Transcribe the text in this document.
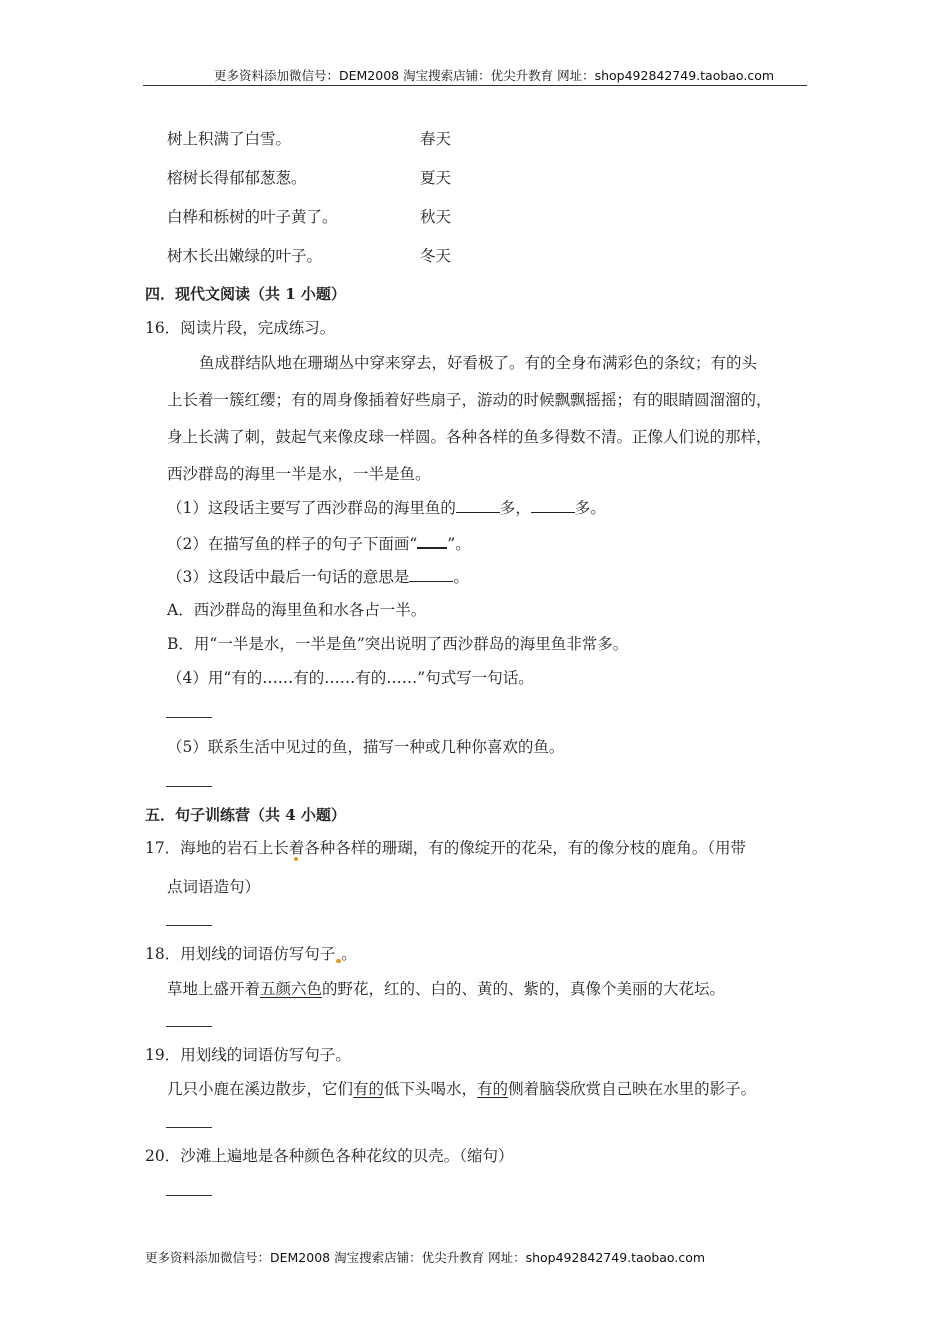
更多资料添加微信号：DEM2008 淘宝搜索店铺：优尖升教育 网址：shop492842749.taobao.com
树上积满了白雪。	春天
榕树长得郁郁葱葱。	夏天
白桦和栎树的叶子黄了。	秋天
树木长出嫩绿的叶子。	冬天
四．现代文阅读（共 1 小题）
16．阅读片段，完成练习。
鱼成群结队地在珊瑚丛中穿来穿去，好看极了。有的全身布满彩色的条纹；有的头
上长着一簇红缨；有的周身像插着好些扇子，游动的时候飘飘摇摇；有的眼睛圆溜溜的，
身上长满了刺，鼓起气来像皮球一样圆。各种各样的鱼多得数不清。正像人们说的那样，
西沙群岛的海里一半是水，一半是鱼。
（1）这段话主要写了西沙群岛的海里鱼的	多，	多。
（2）在描写鱼的样子的句子下面画“ ”。
（3）这段话中最后一句话的意思是	。
A．西沙群岛的海里鱼和水各占一半。
B．用“一半是水，一半是鱼”突出说明了西沙群岛的海里鱼非常多。
（4）用“有的……有的……有的……”句式写一句话。
（5）联系生活中见过的鱼，描写一种或几种你喜欢的鱼。
五．句子训练营（共 4 小题）
17．海地的岩石上长着各种各样的珊瑚，有的像绽开的花朵，有的像分枝的鹿角。（用带
点词语造句）
18．用划线的词语仿写句子 。
草地上盛开着五颜六色的野花，红的、白的、黄的、紫的，真像个美丽的大花坛。
19．用划线的词语仿写句子。
几只小鹿在溪边散步，它们有的低下头喝水，有的侧着脑袋欣赏自己映在水里的影子。
20．沙滩上遍地是各种颜色各种花纹的贝壳。（缩句）
更多资料添加微信号：DEM2008 淘宝搜索店铺：优尖升教育 网址：shop492842749.taobao.com
